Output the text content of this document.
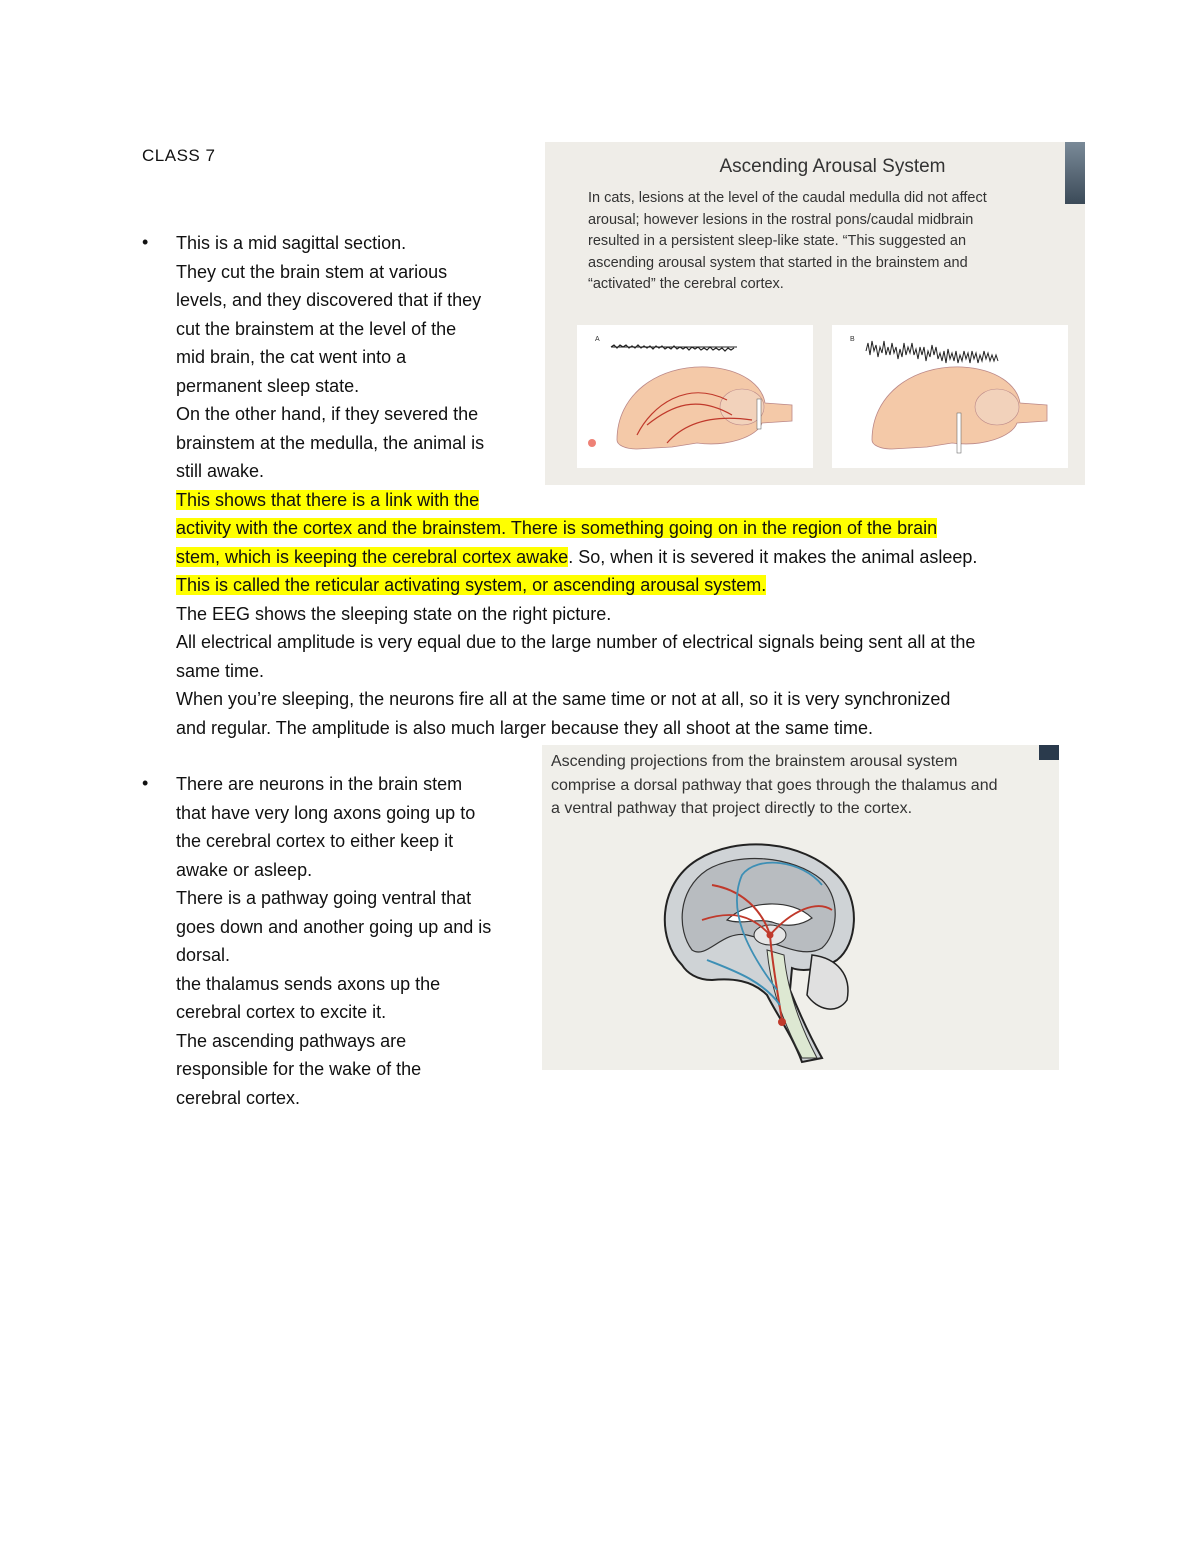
CLASS 7
• This is a mid sagittal section.

They cut the brain stem at various

levels, and they discovered that if they

cut the brainstem at the level of the

mid brain, the cat went into a

permanent sleep state.

On the other hand, if they severed the

brainstem at the medulla, the animal is

still awake.

This shows that there is a link with the

activity with the cortex and the brainstem. There is something going on in the region of the brain

stem, which is keeping the cerebral cortex awake. So, when it is severed it makes the animal asleep.

This is called the reticular activating system, or ascending arousal system.

The EEG shows the sleeping state on the right picture.

All electrical amplitude is very equal due to the large number of electrical signals being sent all at the

same time.

When you’re sleeping, the neurons fire all at the same time or not at all, so it is very synchronized

and regular. The amplitude is also much larger because they all shoot at the same time.

• There are neurons in the brain stem

that have very long axons going up to

the cerebral cortex to either keep it

awake or asleep.

There is a pathway going ventral that

goes down and another going up and is

dorsal.

the thalamus sends axons up the

cerebral cortex to excite it.

The ascending pathways are

responsible for the wake of the

cerebral cortex.

Ascending Arousal System
In cats, lesions at the level of the caudal medulla did not affect
arousal; however lesions in the rostral pons/caudal midbrain
resulted in a persistent sleep-like state. “This suggested an
ascending arousal system that started in the brainstem and
“activated” the cerebral cortex.
A	B
Ascending projections from the brainstem arousal system
comprise a dorsal pathway that goes through the thalamus and
a ventral pathway that project directly to the cortex.
